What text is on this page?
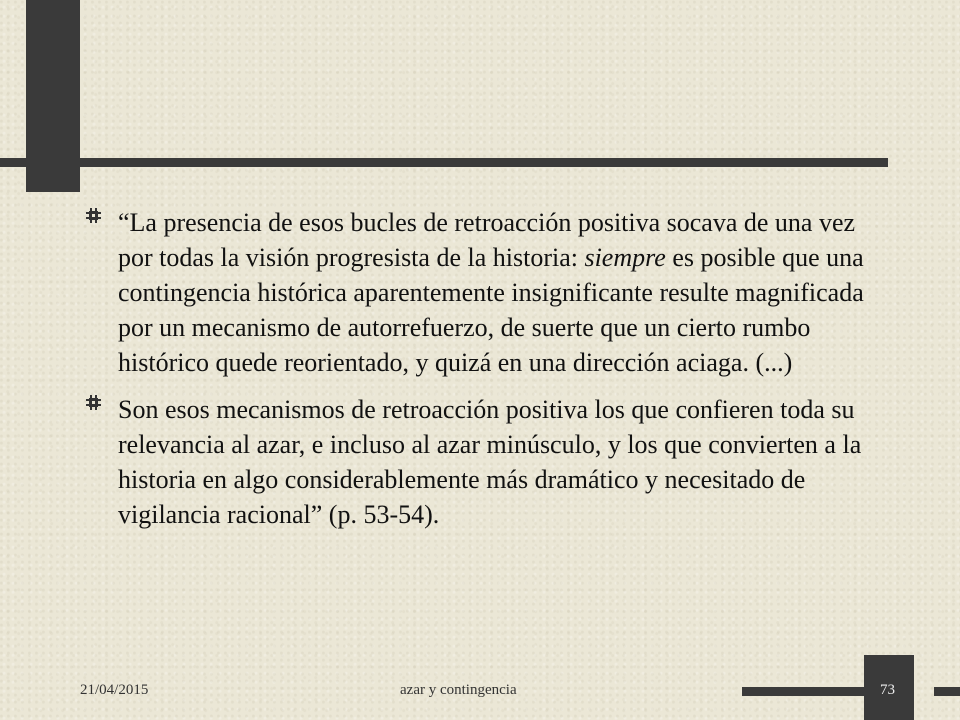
“La presencia de esos bucles de retroacción positiva socava de una vez por todas la visión progresista de la historia: siempre es posible que una contingencia histórica aparentemente insignificante resulte magnificada por un mecanismo de autorrefuerzo, de suerte que un cierto rumbo histórico quede reorientado, y quizá en una dirección aciaga. (...)
Son esos mecanismos de retroacción positiva los que confieren toda su relevancia al azar, e incluso al azar minúsculo, y los que convierten a la historia en algo considerablemente más dramático y necesitado de vigilancia racional” (p. 53-54).
21/04/2015	azar y contingencia	73
